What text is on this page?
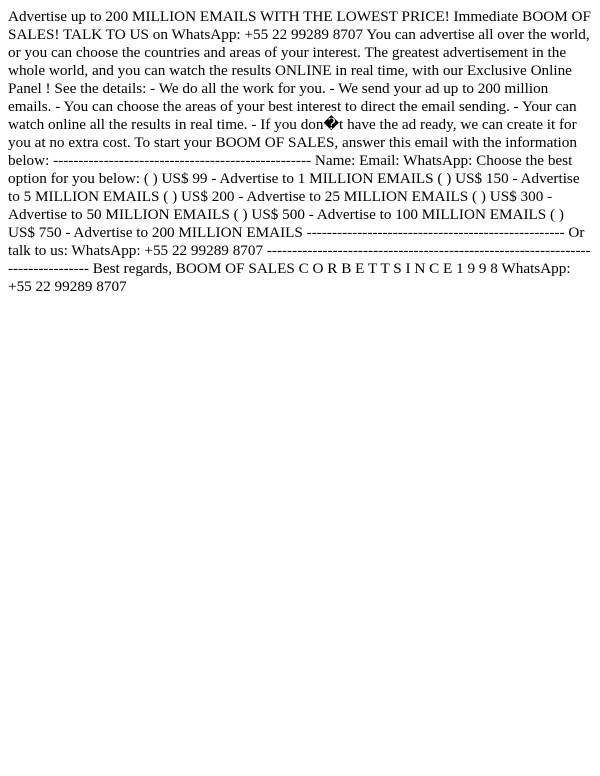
Advertise up to 200 MILLION EMAILS WITH THE LOWEST PRICE! Immediate BOOM OF SALES! TALK TO US on WhatsApp: +55 22 99289 8707 You can advertise all over the world, or you can choose the countries and areas of your interest. The greatest advertisement in the whole world, and you can watch the results ONLINE in real time, with our Exclusive Online Panel ! See the details: - We do all the work for you. - We send your ad up to 200 million emails. - You can choose the areas of your best interest to direct the email sending. - Your can watch online all the results in real time. - If you don�t have the ad ready, we can create it for you at no extra cost. To start your BOOM OF SALES, answer this email with the information below: --------------------------------------------------- Name: Email: WhatsApp: Choose the best option for you below: ( ) US$ 99 - Advertise to 1 MILLION EMAILS ( ) US$ 150 - Advertise to 5 MILLION EMAILS ( ) US$ 200 - Advertise to 25 MILLION EMAILS ( ) US$ 300 - Advertise to 50 MILLION EMAILS ( ) US$ 500 - Advertise to 100 MILLION EMAILS ( ) US$ 750 - Advertise to 200 MILLION EMAILS --------------------------------------------------- Or talk to us: WhatsApp: +55 22 99289 8707 -------------------------------------------------------------------------------- Best regards, BOOM OF SALES C O R B E T T S I N C E 1 9 9 8 WhatsApp: +55 22 99289 8707
